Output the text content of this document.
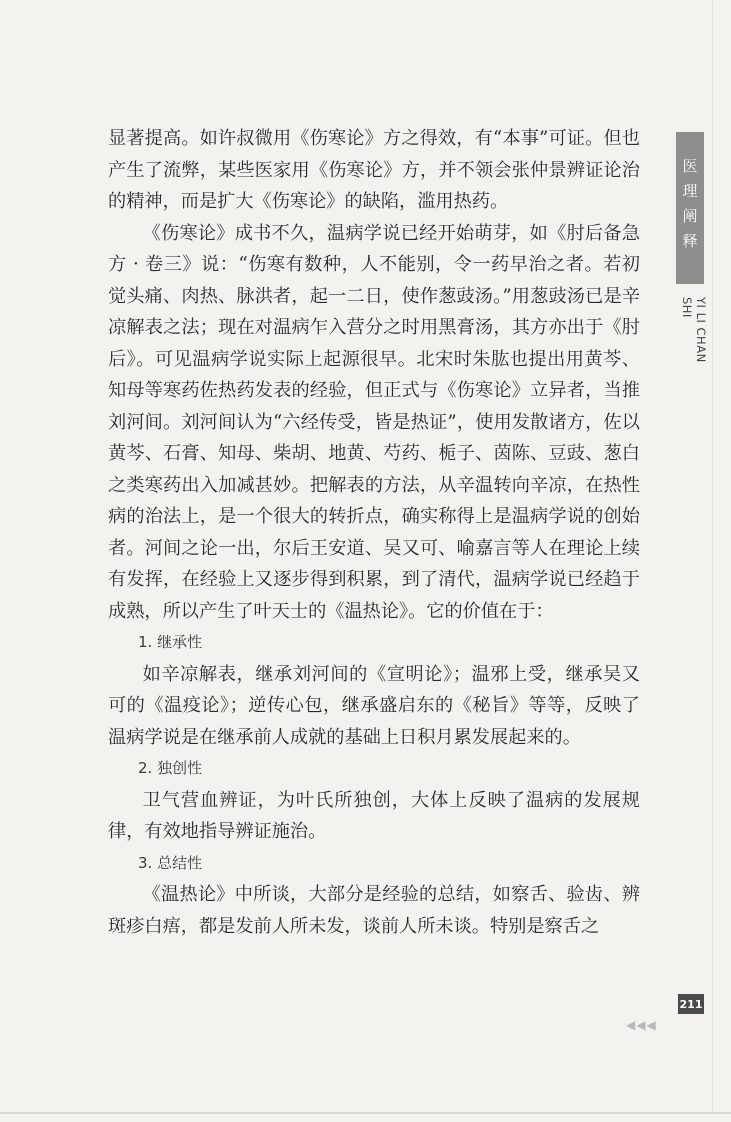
显著提高。如许叔微用《伤寒论》方之得效，有“本事”可证。但也产生了流弊，某些医家用《伤寒论》方，并不领会张仲景辨证论治的精神，而是扩大《伤寒论》的缺陷，滥用热药。

《伤寒论》成书不久，温病学说已经开始萌芽，如《肘后备急方 · 卷三》说：“伤寒有数种，人不能别，令一药早治之者。若初觉头痛、肉热、脉洪者，起一二日，使作葱豉汤。”用葱豉汤已是辛凉解表之法；现在对温病乍入营分之时用黑膏汤，其方亦出于《肘后》。可见温病学说实际上起源很早。北宋时朱肱也提出用黄芩、知母等寒药佐热药发表的经验，但正式与《伤寒论》立异者，当推刘河间。刘河间认为“六经传受，皆是热证”，使用发散诸方，佐以黄芩、石膏、知母、柴胡、地黄、芍药、栀子、茵陈、豆豉、葱白之类寒药出入加减甚妙。把解表的方法，从辛温转向辛凉，在热性病的治法上，是一个很大的转折点，确实称得上是温病学说的创始者。河间之论一出，尔后王安道、吴又可、喻嘉言等人在理论上续有发挥，在经验上又逐步得到积累，到了清代，温病学说已经趋于成熟，所以产生了叶天士的《温热论》。它的价值在于：

1. 继承性

如辛凉解表，继承刘河间的《宣明论》；温邪上受，继承吴又可的《温疫论》；逆传心包，继承盛启东的《秘旨》等等，反映了温病学说是在继承前人成就的基础上日积月累发展起来的。

2. 独创性

卫气营血辨证，为叶氏所独创，大体上反映了温病的发展规律，有效地指导辨证施治。

3. 总结性

《温热论》中所谈，大部分是经验的总结，如察舌、验齿、辨斑疹白痦，都是发前人所未发，谈前人所未谈。特别是察舌之

医理阐释
YI LI CHAN SHI
211
◀◀◀
